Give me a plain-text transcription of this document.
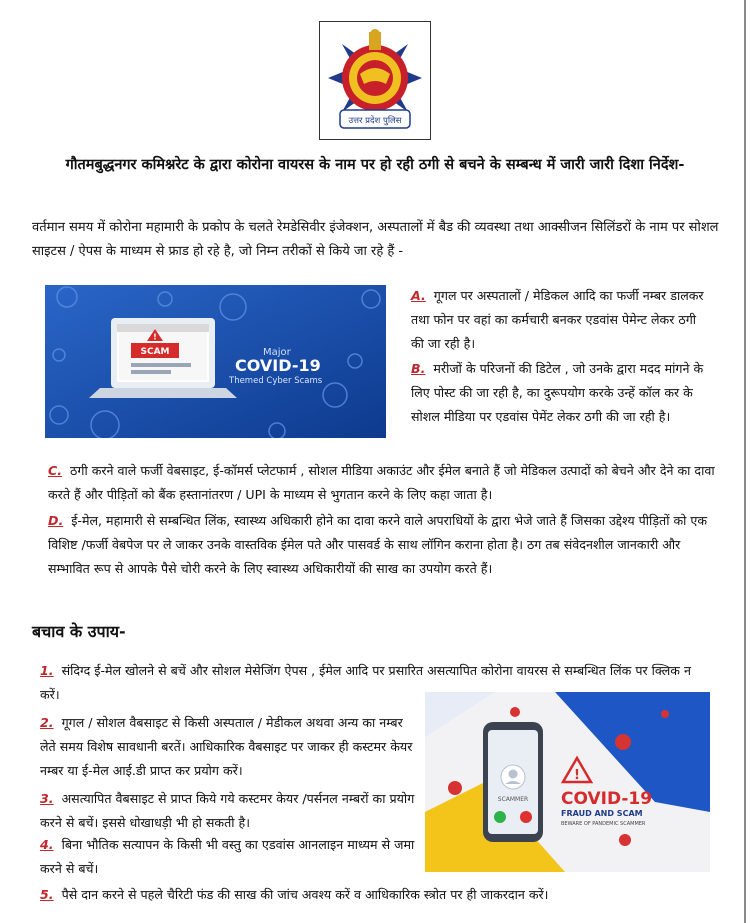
उत्तर प्रदेश पुलिस
गौतमबुद्धनगर कमिश्नरेट के द्वारा कोरोना वायरस के नाम पर हो रही ठगी से बचने के सम्बन्ध में जारी जारी दिशा निर्देश-
वर्तमान समय में कोरोना महामारी के प्रकोप के चलते रेमडेसिवीर इंजेक्शन, अस्पतालों में बैड की व्यवस्था तथा आक्सीजन सिलिंडरों के नाम पर सोशल साइटस / ऐपस के माध्यम से फ्राड हो रहे है, जो निम्न तरीकों से किये जा रहे हैं -
!
SCAM	Major
COVID-19
Themed Cyber Scams
A. गूगल पर अस्पतालों / मेडिकल आदि का फर्जी नम्बर डालकर तथा फोन पर वहां का कर्मचारी बनकर एडवांस पेमेन्ट लेकर ठगी की जा रही है।
B. मरीजों के परिजनों की डिटेल , जो उनके द्वारा मदद मांगने के लिए पोस्ट की जा रही है, का दुरूपयोग करके उन्हें कॉल कर के सोशल मीडिया पर एडवांस पेमेंट लेकर ठगी की जा रही है।
C. ठगी करने वाले फर्जी वेबसाइट, ई-कॉमर्स प्लेटफार्म , सोशल मीडिया अकाउंट और ईमेल बनाते हैं जो मेडिकल उत्पादों को बेचने और देने का दावा करते हैं और पीड़ितों को बैंक हस्तानांतरण / UPI के माध्यम से भुगतान करने के लिए कहा जाता है।
D. ई-मेल, महामारी से सम्बन्धित लिंक, स्वास्थ्य अधिकारी होने का दावा करने वाले अपराधियों के द्वारा भेजे जाते हैं जिसका उद्देश्य पीड़ितों को एक विशिष्ट /फर्जी वेबपेज पर ले जाकर उनके वास्तविक ईमेल पते और पासवर्ड के साथ लॉगिन कराना होता है। ठग तब संवेदनशील जानकारी और सम्भावित रूप से आपके पैसे चोरी करने के लिए स्वास्थ्य अधिकारीयों की साख का उपयोग करते हैं।
बचाव के उपाय-
1. संदिग्द ई-मेल खोलने से बचें और सोशल मेसेजिंग ऐपस , ईमेल आदि पर प्रसारित असत्यापित कोरोना वायरस से सम्बन्धित लिंक पर क्लिक न करें।
2. गूगल / सोशल वैबसाइट से किसी अस्पताल / मेडीकल अथवा अन्य का नम्बर लेते समय विशेष सावधानी बरतें। आधिकारिक वैबसाइट पर जाकर ही कस्टमर केयर नम्बर या ई-मेल आई.डी प्राप्त कर प्रयोग करें।
3. असत्यापित वैबसाइट से प्राप्त किये गये कस्टमर केयर /पर्सनल नम्बरों का प्रयोग करने से बचें। इससे धोखाधड़ी भी हो सकती है।
4. बिना भौतिक सत्यापन के किसी भी वस्तु का एडवांस आनलाइन माध्यम से जमा करने से बचें।
5. पैसे दान करने से पहले चैरिटी फंड की साख की जांच अवश्य करें व आधिकारिक स्त्रोत पर ही जाकरदान करें।
SCAMMER
!
COVID-19
FRAUD AND SCAM
BEWARE OF PANDEMIC SCAMMER
